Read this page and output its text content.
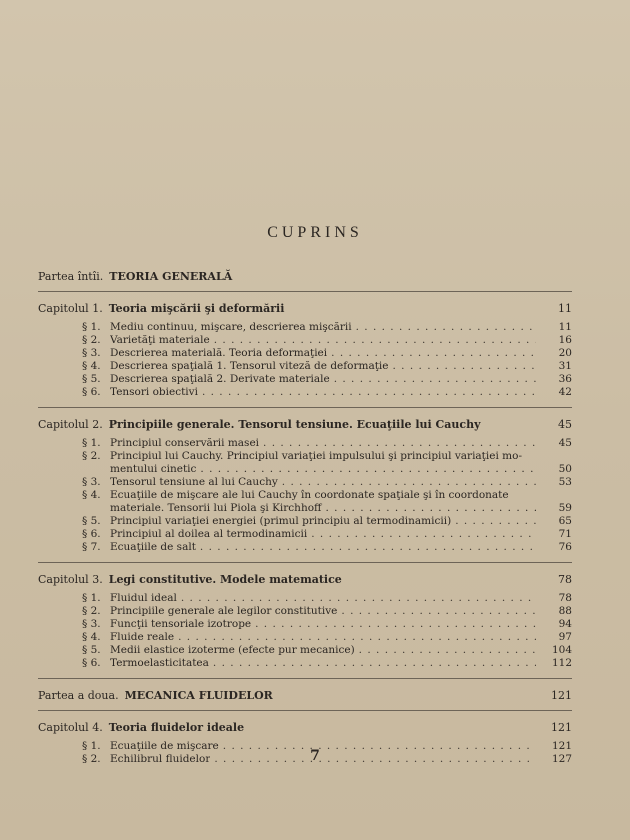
CUPRINS
Partea întîi. TEORIA GENERALĂ
Capitolul 1. Teoria mişcării şi deformării	11
§ 1. Mediu continuu, mişcare, descrierea mişcării . . .	11
§ 2. Varietăţi materiale . . .	16
§ 3. Descrierea materială. Teoria deformaţiei . . .	20
§ 4. Descrierea spaţială 1. Tensorul viteză de deformaţie . . .	31
§ 5. Descrierea spaţială 2. Derivate materiale . . .	36
§ 6. Tensori obiectivi . . .	42
Capitolul 2. Principiile generale. Tensorul tensiune. Ecuaţiile lui Cauchy	45
§ 1. Principiul conservării masei . . .	45
§ 2. Principiul lui Cauchy. Principiul variaţiei impulsului şi principiul variaţiei mo-
mentului cinetic . . .	50
§ 3. Tensorul tensiune al lui Cauchy . . .	53
§ 4. Ecuaţiile de mişcare ale lui Cauchy în coordonate spaţiale şi în coordonate
materiale. Tensorii lui Piola şi Kirchhoff . . .	59
§ 5. Principiul variaţiei energiei (primul principiu al termodinamicii) . . .	65
§ 6. Principiul al doilea al termodinamicii . . .	71
§ 7. Ecuaţiile de salt . . .	76
Capitolul 3. Legi constitutive. Modele matematice	78
§ 1. Fluidul ideal . . .	78
§ 2. Principiile generale ale legilor constitutive . . .	88
§ 3. Funcţii tensoriale izotrope . . .	94
§ 4. Fluide reale . . .	97
§ 5. Medii elastice izoterme (efecte pur mecanice) . . .	104
§ 6. Termoelasticitatea . . .	112
Partea a doua. MECANICA FLUIDELOR	121
Capitolul 4. Teoria fluidelor ideale	121
§ 1. Ecuaţiile de mişcare . . .	121
§ 2. Echilibrul fluidelor . . .	127
7
